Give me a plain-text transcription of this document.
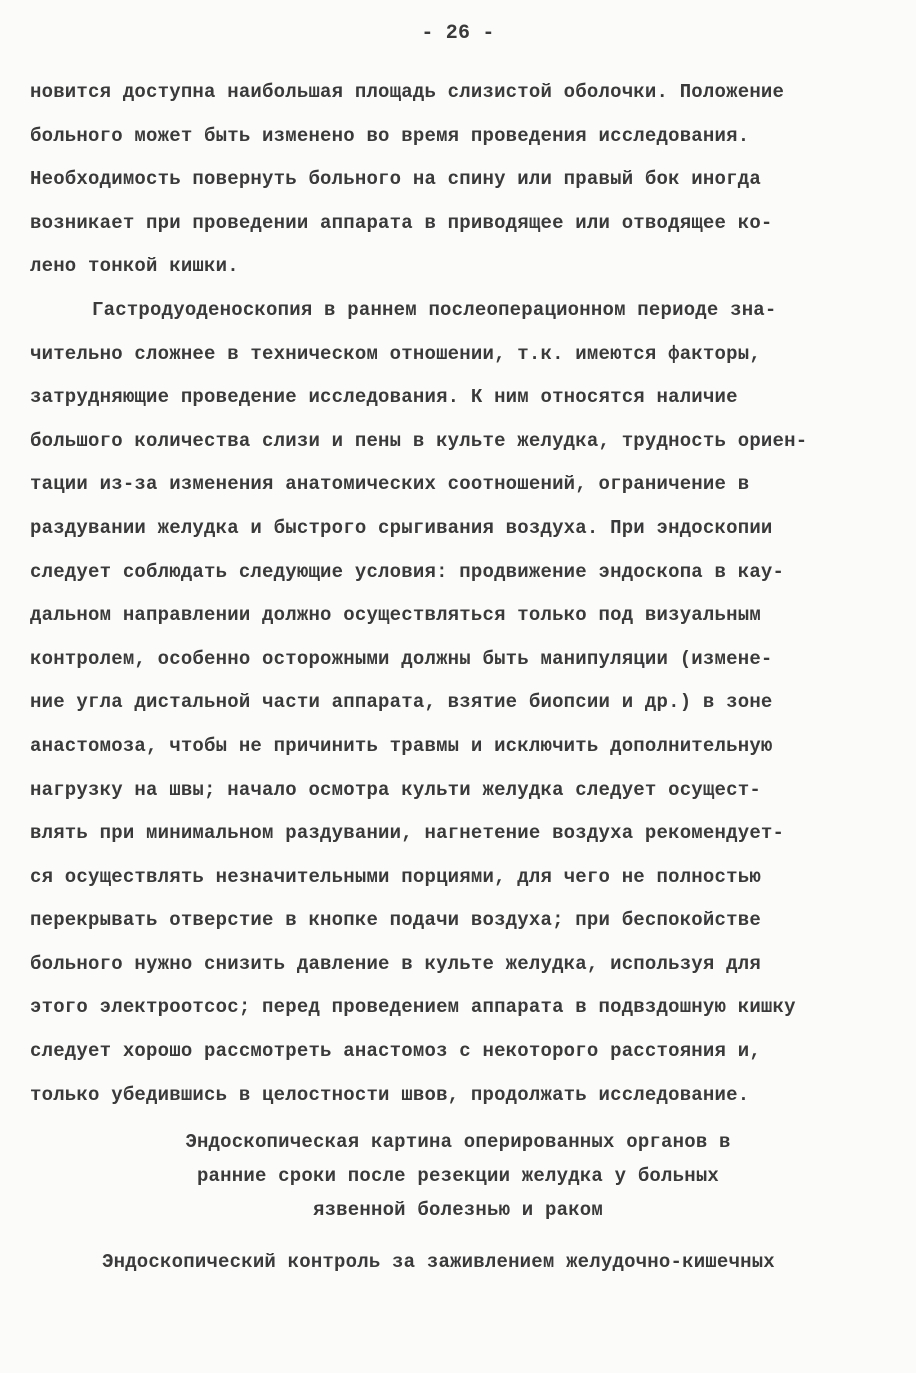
- 26 -
новится доступна наибольшая площадь слизистой оболочки. Положение
больного может быть изменено во время проведения исследования.
Необходимость повернуть больного на спину или правый бок иногда
возникает при проведении аппарата в приводящее или отводящее ко-
лено тонкой кишки.
Гастродуоденоскопия в раннем послеоперационном периоде зна-
чительно сложнее в техническом отношении, т.к. имеются факторы,
затрудняющие проведение исследования. К ним относятся наличие
большого количества слизи и пены в культе желудка, трудность ориен-
тации из-за изменения анатомических соотношений, ограничение в
раздувании желудка и быстрого срыгивания воздуха. При эндоскопии
следует соблюдать следующие условия: продвижение эндоскопа в кау-
дальном направлении должно осуществляться только под визуальным
контролем, особенно осторожными должны быть манипуляции (измене-
ние угла дистальной части аппарата, взятие биопсии и др.) в зоне
анастомоза, чтобы не причинить травмы и исключить дополнительную
нагрузку на швы; начало осмотра культи желудка следует осущест-
влять при минимальном раздувании, нагнетение воздуха рекомендует-
ся осуществлять незначительными порциями, для чего не полностью
перекрывать отверстие в кнопке подачи воздуха; при беспокойстве
больного нужно снизить давление в культе желудка, используя для
этого электроотсос; перед проведением аппарата в подвздошную кишку
следует хорошо рассмотреть анастомоз с некоторого расстояния и,
только убедившись в целостности швов, продолжать исследование.
Эндоскопическая картина оперированных органов в
ранние сроки после резекции желудка у больных
язвенной болезнью и раком
Эндоскопический контроль за заживлением желудочно-кишечных
